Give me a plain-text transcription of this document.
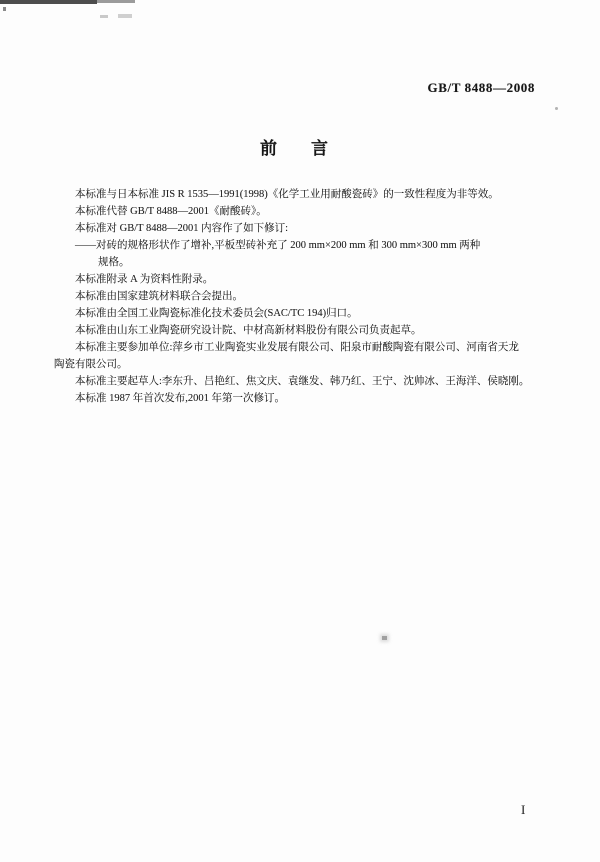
GB/T 8488—2008
前　　言
本标准与日本标准 JIS R 1535—1991(1998)《化学工业用耐酸瓷砖》的一致性程度为非等效。
本标准代替 GB/T 8488—2001《耐酸砖》。
本标准对 GB/T 8488—2001 内容作了如下修订:
——对砖的规格形状作了增补,平板型砖补充了 200 mm×200 mm 和 300 mm×300 mm 两种
规格。
本标准附录 A 为资料性附录。
本标准由国家建筑材料联合会提出。
本标准由全国工业陶瓷标准化技术委员会(SAC/TC 194)归口。
本标准由山东工业陶瓷研究设计院、中材高新材料股份有限公司负责起草。
本标准主要参加单位:萍乡市工业陶瓷实业发展有限公司、阳泉市耐酸陶瓷有限公司、河南省天龙
陶瓷有限公司。
本标准主要起草人:李东升、吕艳红、焦文庆、袁继发、韩乃红、王宁、沈帅冰、王海洋、侯晓刚。
本标准 1987 年首次发布,2001 年第一次修订。
I
